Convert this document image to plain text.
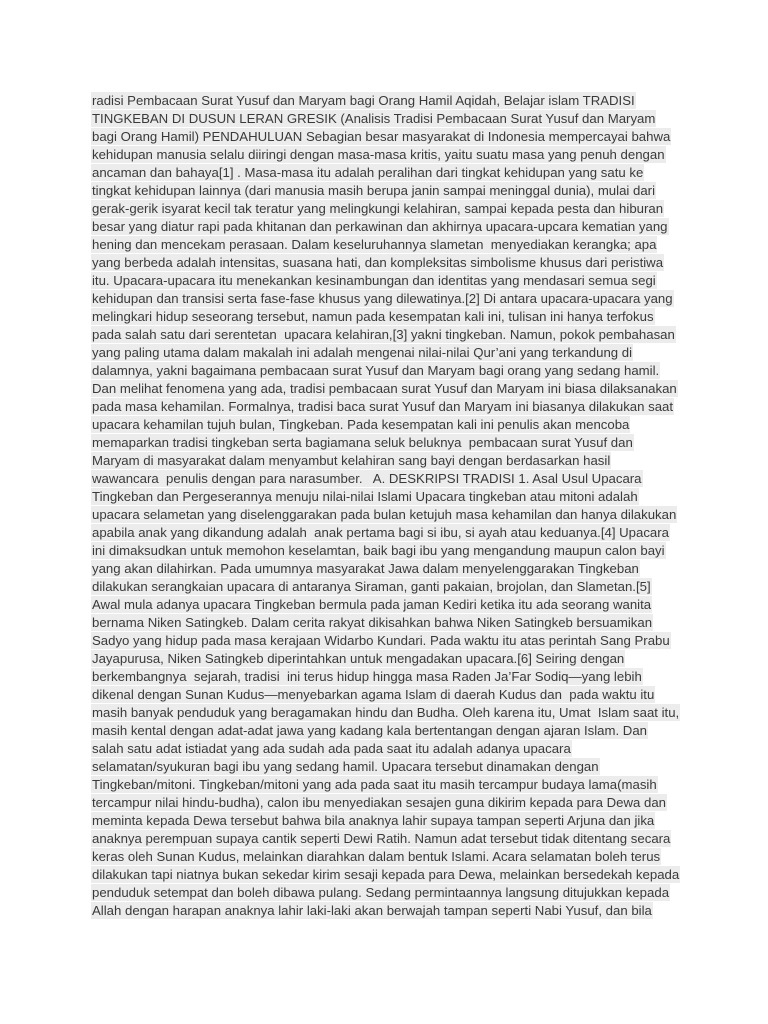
radisi Pembacaan Surat Yusuf dan Maryam bagi Orang Hamil Aqidah, Belajar islam TRADISI
TINGKEBAN DI DUSUN LERAN GRESIK (Analisis Tradisi Pembacaan Surat Yusuf dan Maryam
bagi Orang Hamil) PENDAHULUAN Sebagian besar masyarakat di Indonesia mempercayai bahwa
kehidupan manusia selalu diiringi dengan masa-masa kritis, yaitu suatu masa yang penuh dengan
ancaman dan bahaya[1] . Masa-masa itu adalah peralihan dari tingkat kehidupan yang satu ke
tingkat kehidupan lainnya (dari manusia masih berupa janin sampai meninggal dunia), mulai dari
gerak-gerik isyarat kecil tak teratur yang melingkungi kelahiran, sampai kepada pesta dan hiburan
besar yang diatur rapi pada khitanan dan perkawinan dan akhirnya upacara-upcara kematian yang
hening dan mencekam perasaan. Dalam keseluruhannya slametan  menyediakan kerangka; apa
yang berbeda adalah intensitas, suasana hati, dan kompleksitas simbolisme khusus dari peristiwa
itu. Upacara-upacara itu menekankan kesinambungan dan identitas yang mendasari semua segi
kehidupan dan transisi serta fase-fase khusus yang dilewatinya.[2] Di antara upacara-upacara yang
melingkari hidup seseorang tersebut, namun pada kesempatan kali ini, tulisan ini hanya terfokus
pada salah satu dari serentetan  upacara kelahiran,[3] yakni tingkeban. Namun, pokok pembahasan
yang paling utama dalam makalah ini adalah mengenai nilai-nilai Qur’ani yang terkandung di
dalamnya, yakni bagaimana pembacaan surat Yusuf dan Maryam bagi orang yang sedang hamil.
Dan melihat fenomena yang ada, tradisi pembacaan surat Yusuf dan Maryam ini biasa dilaksanakan
pada masa kehamilan. Formalnya, tradisi baca surat Yusuf dan Maryam ini biasanya dilakukan saat
upacara kehamilan tujuh bulan, Tingkeban. Pada kesempatan kali ini penulis akan mencoba
memaparkan tradisi tingkeban serta bagiamana seluk beluknya  pembacaan surat Yusuf dan
Maryam di masyarakat dalam menyambut kelahiran sang bayi dengan berdasarkan hasil
wawancara  penulis dengan para narasumber.   A. DESKRIPSI TRADISI 1. Asal Usul Upacara
Tingkeban dan Pergeserannya menuju nilai-nilai Islami Upacara tingkeban atau mitoni adalah
upacara selametan yang diselenggarakan pada bulan ketujuh masa kehamilan dan hanya dilakukan
apabila anak yang dikandung adalah  anak pertama bagi si ibu, si ayah atau keduanya.[4] Upacara
ini dimaksudkan untuk memohon keselamtan, baik bagi ibu yang mengandung maupun calon bayi
yang akan dilahirkan. Pada umumnya masyarakat Jawa dalam menyelenggarakan Tingkeban
dilakukan serangkaian upacara di antaranya Siraman, ganti pakaian, brojolan, dan Slametan.[5]
Awal mula adanya upacara Tingkeban bermula pada jaman Kediri ketika itu ada seorang wanita
bernama Niken Satingkeb. Dalam cerita rakyat dikisahkan bahwa Niken Satingkeb bersuamikan
Sadyo yang hidup pada masa kerajaan Widarbo Kundari. Pada waktu itu atas perintah Sang Prabu
Jayapurusa, Niken Satingkeb diperintahkan untuk mengadakan upacara.[6] Seiring dengan
berkembangnya  sejarah, tradisi  ini terus hidup hingga masa Raden Ja’Far Sodiq—yang lebih
dikenal dengan Sunan Kudus—menyebarkan agama Islam di daerah Kudus dan  pada waktu itu
masih banyak penduduk yang beragamakan hindu dan Budha. Oleh karena itu, Umat  Islam saat itu,
masih kental dengan adat-adat jawa yang kadang kala bertentangan dengan ajaran Islam. Dan
salah satu adat istiadat yang ada sudah ada pada saat itu adalah adanya upacara
selamatan/syukuran bagi ibu yang sedang hamil. Upacara tersebut dinamakan dengan
Tingkeban/mitoni. Tingkeban/mitoni yang ada pada saat itu masih tercampur budaya lama(masih
tercampur nilai hindu-budha), calon ibu menyediakan sesajen guna dikirim kepada para Dewa dan
meminta kepada Dewa tersebut bahwa bila anaknya lahir supaya tampan seperti Arjuna dan jika
anaknya perempuan supaya cantik seperti Dewi Ratih. Namun adat tersebut tidak ditentang secara
keras oleh Sunan Kudus, melainkan diarahkan dalam bentuk Islami. Acara selamatan boleh terus
dilakukan tapi niatnya bukan sekedar kirim sesaji kepada para Dewa, melainkan bersedekah kepada
penduduk setempat dan boleh dibawa pulang. Sedang permintaannya langsung ditujukkan kepada
Allah dengan harapan anaknya lahir laki-laki akan berwajah tampan seperti Nabi Yusuf, dan bila
